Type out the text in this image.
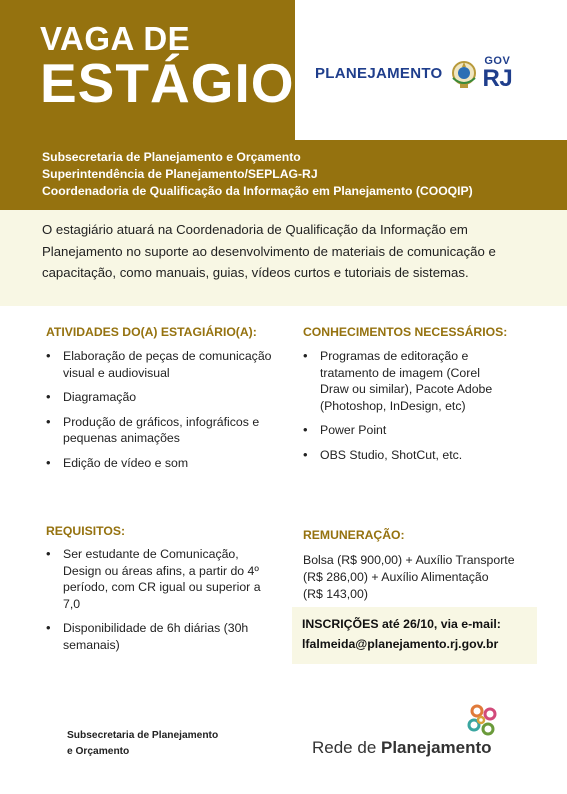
VAGA DE
ESTÁGIO PLANEJAMENTO
GOV
RJ
Subsecretaria de Planejamento e Orçamento
Superintendência de Planejamento/SEPLAG-RJ
Coordenadoria de Qualificação da Informação em Planejamento (COOQIP)

O estagiário atuará na Coordenadoria de Qualificação da Informação em Planejamento no suporte ao desenvolvimento de materiais de comunicação e capacitação, como manuais, guias, vídeos curtos e tutoriais de sistemas.

ATIVIDADES DO(A) ESTAGIÁRIO(A):
• Elaboração de peças de comunicação visual e audiovisual
• Diagramação
• Produção de gráficos, infográficos e pequenas animações
• Edição de vídeo e som
CONHECIMENTOS NECESSÁRIOS:
• Programas de editoração e tratamento de imagem (Corel Draw ou similar), Pacote Adobe (Photoshop, InDesign, etc)
• Power Point
• OBS Studio, ShotCut, etc.
REQUISITOS:
• Ser estudante de Comunicação, Design ou áreas afins, a partir do 4º período, com CR igual ou superior a 7,0
• Disponibilidade de 6h diárias (30h semanais)
REMUNERAÇÃO:
Bolsa (R$ 900,00) + Auxílio Transporte
(R$ 286,00) + Auxílio Alimentação
(R$ 143,00)
INSCRIÇÕES até 26/10, via e-mail:
lfalmeida@planejamento.rj.gov.br
Subsecretaria de Planejamento
e Orçamento	Rede de Planejamento
